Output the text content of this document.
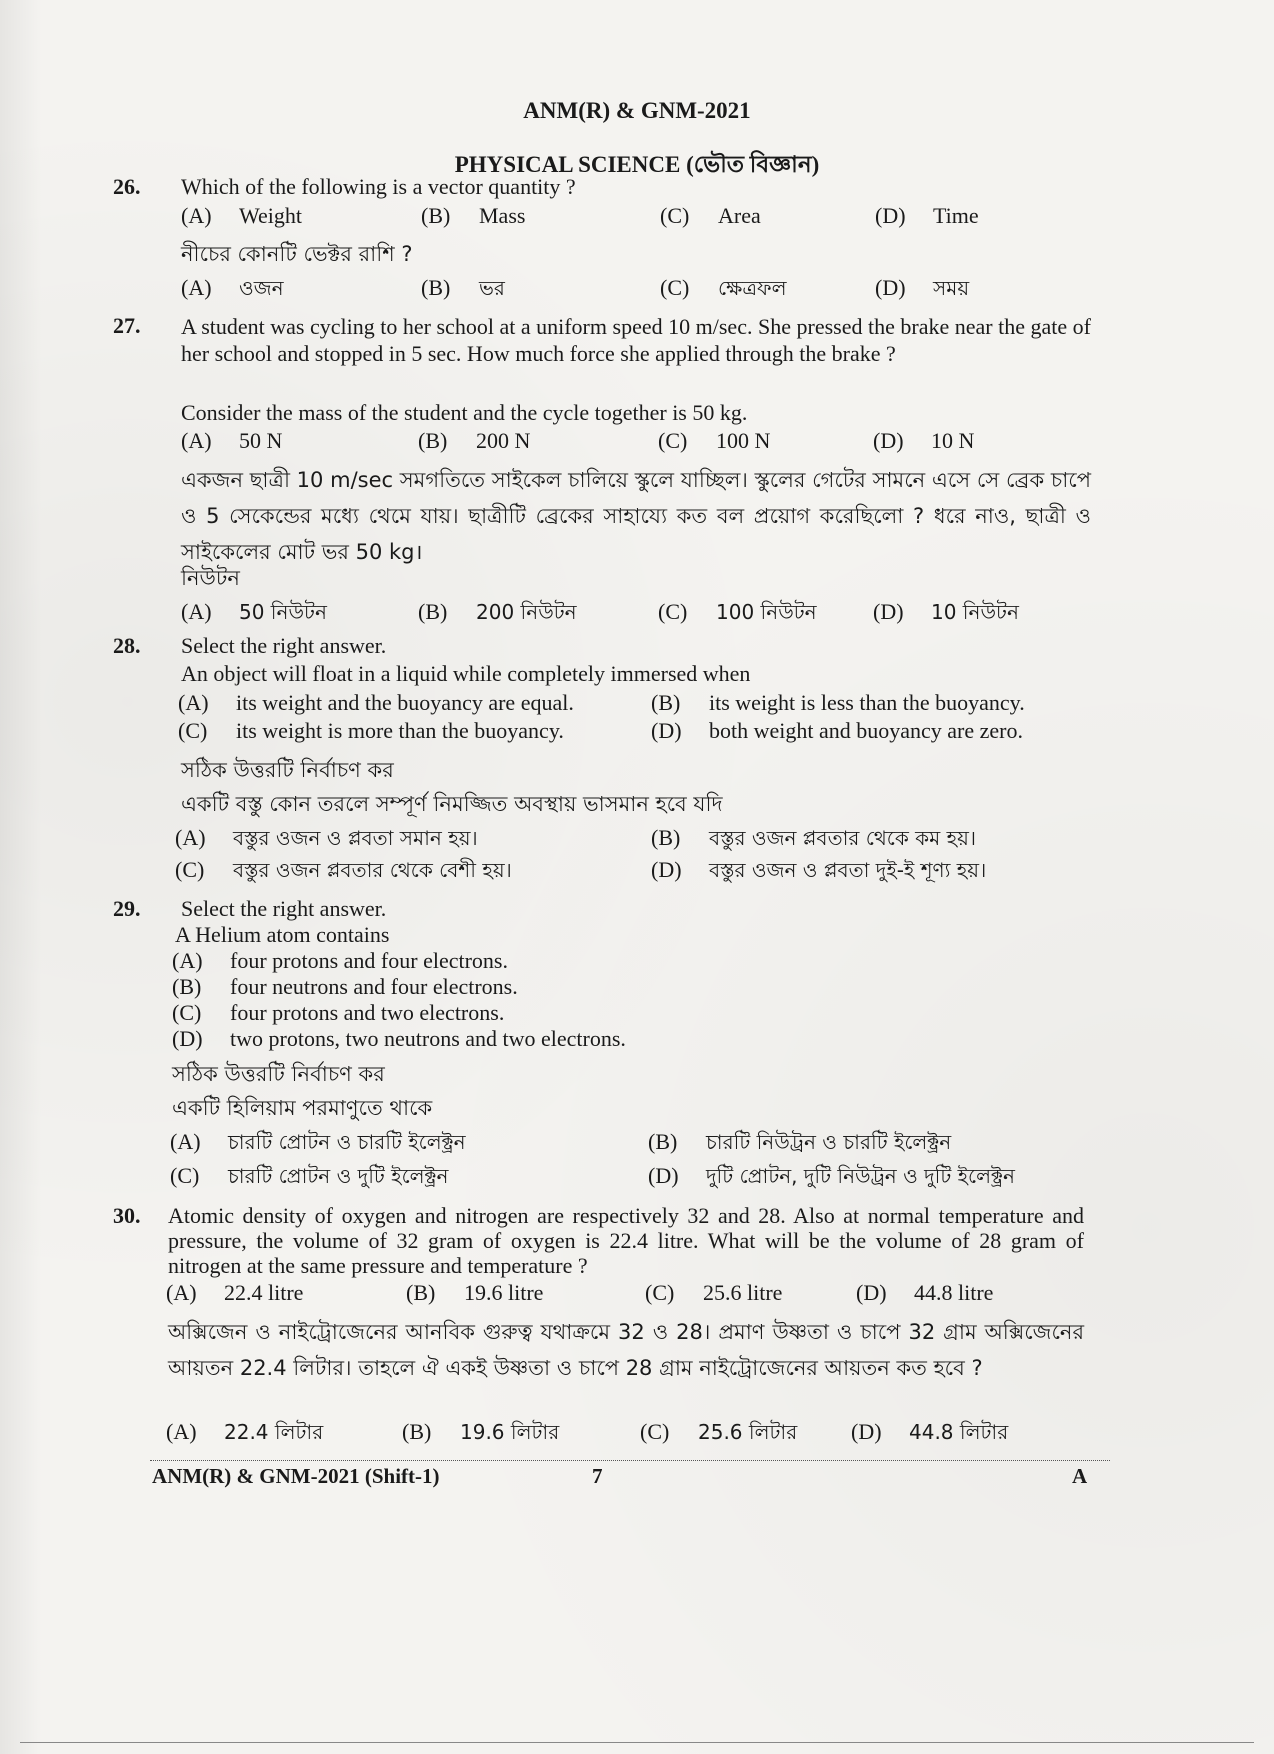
ANM(R) & GNM-2021
PHYSICAL SCIENCE (ভৌত বিজ্ঞান)
26. Which of the following is a vector quantity ?
(A) Weight	(B) Mass	(C) Area	(D) Time
নীচের কোনটি ভেক্টর রাশি ?
(A) ওজন	(B) ভর	(C) ক্ষেত্রফল	(D) সময়
27. A student was cycling to her school at a uniform speed 10 m/sec. She pressed the brake near the gate of her school and stopped in 5 sec. How much force she applied through the brake ?
Consider the mass of the student and the cycle together is 50 kg.
(A) 50 N	(B) 200 N	(C) 100 N	(D) 10 N
একজন ছাত্রী 10 m/sec সমগতিতে সাইকেল চালিয়ে স্কুলে যাচ্ছিল। স্কুলের গেটের সামনে এসে সে ব্রেক চাপে ও 5 সেকেন্ডের মধ্যে থেমে যায়। ছাত্রীটি ব্রেকের সাহায্যে কত বল প্রয়োগ করেছিলো ? ধরে নাও, ছাত্রী ও সাইকেলের মোট ভর 50 kg।
নিউটন
(A) 50 নিউটন	(B) 200 নিউটন	(C) 100 নিউটন	(D) 10 নিউটন
28. Select the right answer.
An object will float in a liquid while completely immersed when
(A) its weight and the buoyancy are equal.	(B) its weight is less than the buoyancy.
(C) its weight is more than the buoyancy.	(D) both weight and buoyancy are zero.
সঠিক উত্তরটি নির্বাচণ কর
একটি বস্তু কোন তরলে সম্পূর্ণ নিমজ্জিত অবস্থায় ভাসমান হবে যদি
(A) বস্তুর ওজন ও প্লবতা সমান হয়।	(B) বস্তুর ওজন প্লবতার থেকে কম হয়।
(C) বস্তুর ওজন প্লবতার থেকে বেশী হয়।	(D) বস্তুর ওজন ও প্লবতা দুই-ই শূণ্য হয়।
29. Select the right answer.
A Helium atom contains
(A) four protons and four electrons.
(B) four neutrons and four electrons.
(C) four protons and two electrons.
(D) two protons, two neutrons and two electrons.
সঠিক উত্তরটি নির্বাচণ কর
একটি হিলিয়াম পরমাণুতে থাকে
(A) চারটি প্রোটন ও চারটি ইলেক্ট্রন	(B) চারটি নিউট্রন ও চারটি ইলেক্ট্রন
(C) চারটি প্রোটন ও দুটি ইলেক্ট্রন	(D) দুটি প্রোটন, দুটি নিউট্রন ও দুটি ইলেক্ট্রন
30. Atomic density of oxygen and nitrogen are respectively 32 and 28. Also at normal temperature and pressure, the volume of 32 gram of oxygen is 22.4 litre. What will be the volume of 28 gram of nitrogen at the same pressure and temperature ?
(A) 22.4 litre	(B) 19.6 litre	(C) 25.6 litre	(D) 44.8 litre
অক্সিজেন ও নাইট্রোজেনের আনবিক গুরুত্ব যথাক্রমে 32 ও 28। প্রমাণ উষ্ণতা ও চাপে 32 গ্রাম অক্সিজেনের আয়তন 22.4 লিটার। তাহলে ঐ একই উষ্ণতা ও চাপে 28 গ্রাম নাইট্রোজেনের আয়তন কত হবে ?
(A) 22.4 লিটার	(B) 19.6 লিটার	(C) 25.6 লিটার (D) 44.8 লিটার
ANM(R) & GNM-2021 (Shift-1)	7	A
